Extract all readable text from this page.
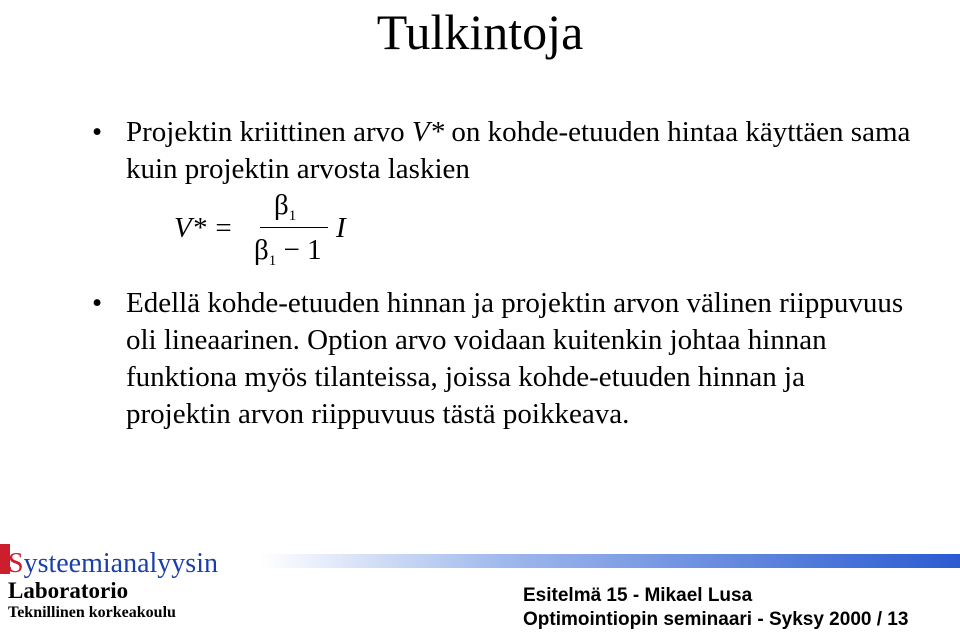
Tulkintoja
• Projektin kriittinen arvo V* on kohde-etuuden hintaa käyttäen sama kuin projektin arvosta laskien
V* =
$\beta_1$
$\beta_1 - 1$
I
• Edellä kohde-etuuden hinnan ja projektin arvon välinen riippuvuus oli lineaarinen. Option arvo voidaan kuitenkin johtaa hinnan funktiona myös tilanteissa, joissa kohde-etuuden hinnan ja projektin arvon riippuvuus tästä poikkeava.
Systeemianalyysin
Laboratorio
Teknillinen korkeakoulu
Esitelmä 15 - Mikael Lusa
Optimointiopin seminaari - Syksy 2000 / 13
